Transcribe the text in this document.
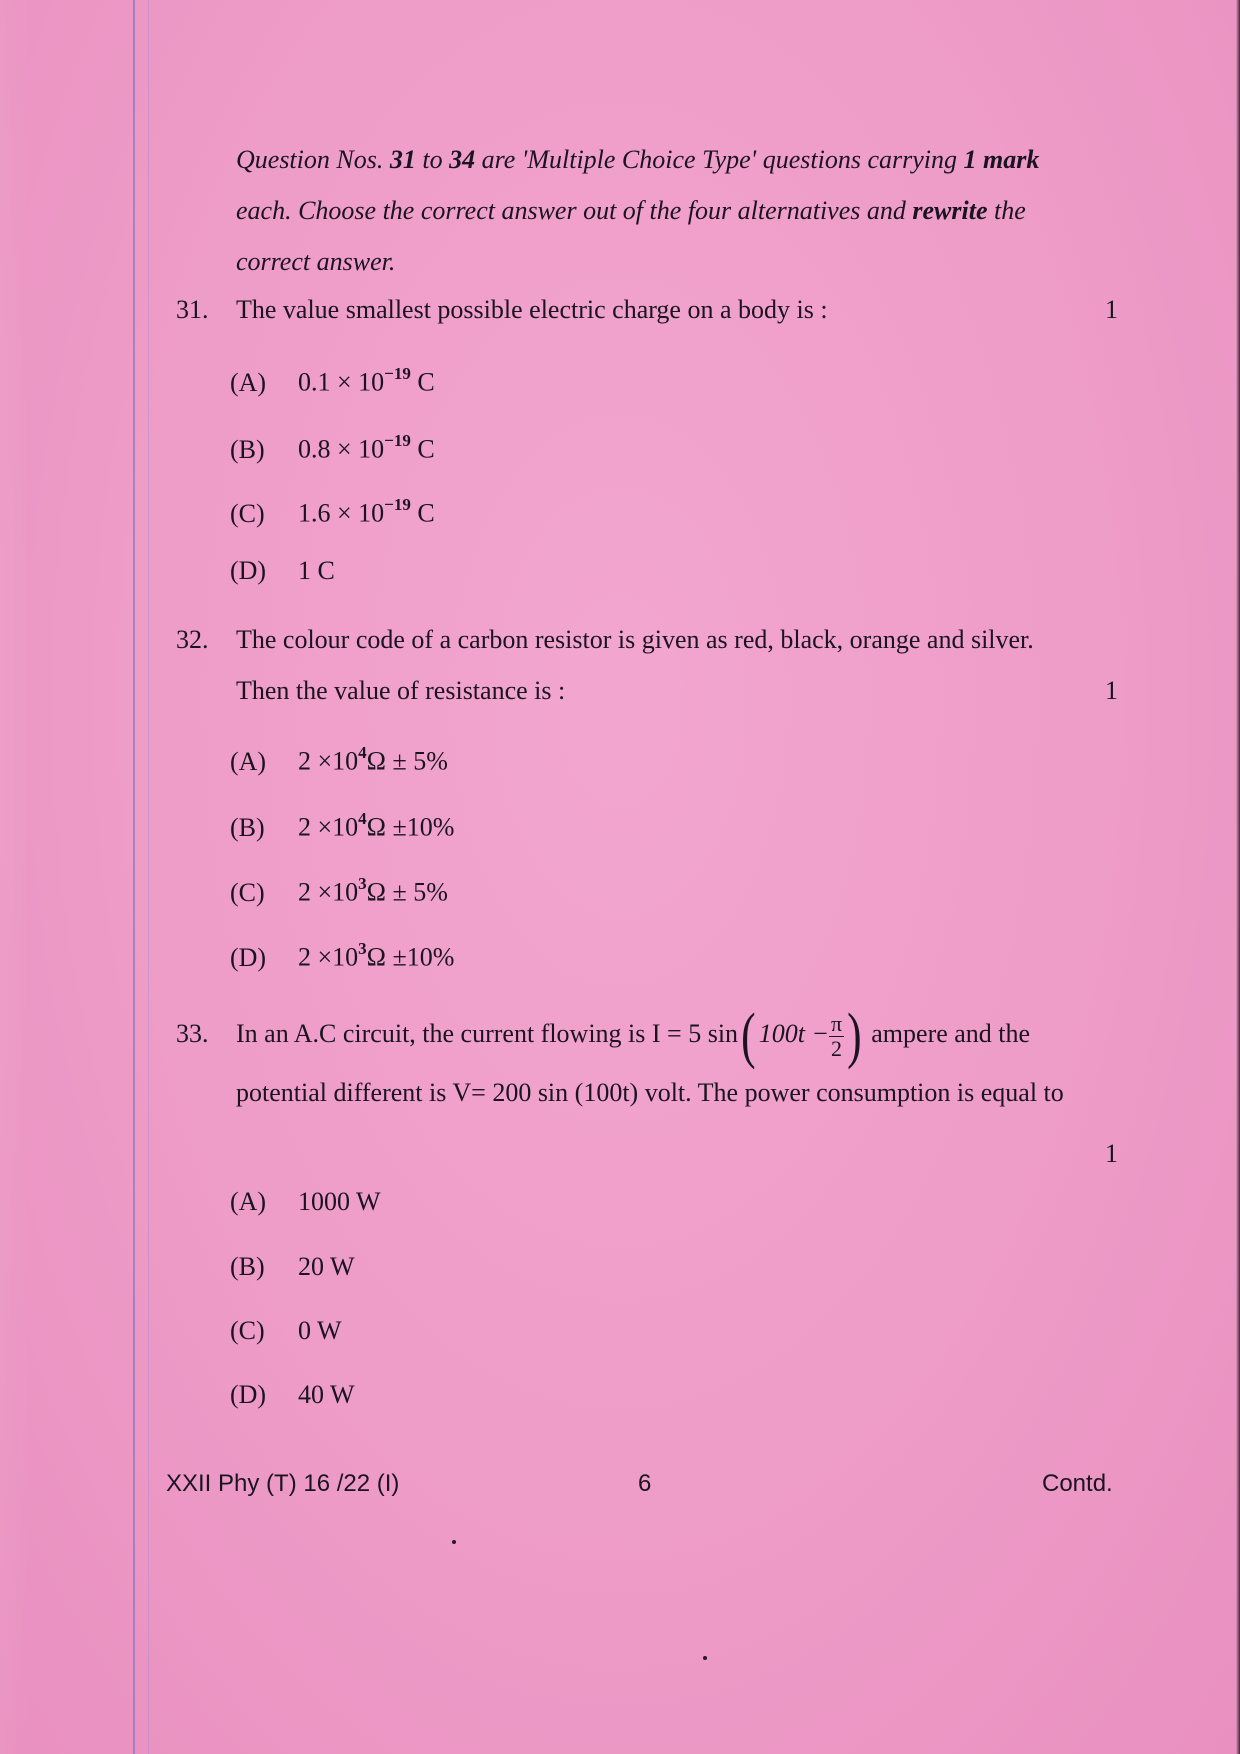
Question Nos. 31 to 34 are 'Multiple Choice Type' questions carrying 1 mark
each. Choose the correct answer out of the four alternatives and rewrite the
correct answer.
31. The value smallest possible electric charge on a body is :	1
(A) $0.1 \times 10^{-19}$ C
(B) $0.8 \times 10^{-19}$ C
(C) $1.6 \times 10^{-19}$ C
(D) 1 C
32. The colour code of a carbon resistor is given as red, black, orange and silver.
Then the value of resistance is :	1
(A) $2 \times 10^4\Omega \pm 5\%$
(B) $2 \times 10^4\Omega \pm 10\%$
(C) $2 \times 10^3\Omega \pm 5\%$
(D) $2 \times 10^3\Omega \pm 10\%$
33. In an A.C circuit, the current flowing is I = 5 sin( $100t - \frac{\pi}{2}$ ) ampere and the
potential different is V= 200 sin (100t) volt. The power consumption is equal to
1
(A) 1000 W
(B) 20 W
(C) 0 W
(D) 40 W
XXII Phy (T) 16 /22 (I)	6	Contd.
